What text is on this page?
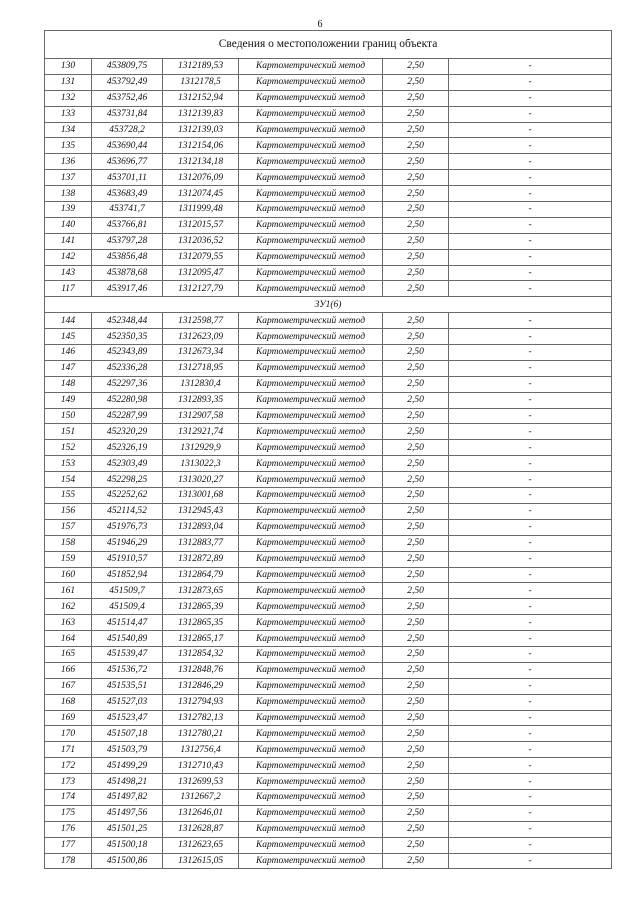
6
Сведения о местоположении границ объекта					
130	453809,75	1312189,53	Картометрический метод	2,50	-
131	453792,49	1312178,5	Картометрический метод	2,50	-
132	453752,46	1312152,94	Картометрический метод	2,50	-
133	453731,84	1312139,83	Картометрический метод	2,50	-
134	453728,2	1312139,03	Картометрический метод	2,50	-
135	453690,44	1312154,06	Картометрический метод	2,50	-
136	453696,77	1312134,18	Картометрический метод	2,50	-
137	453701,11	1312076,09	Картометрический метод	2,50	-
138	453683,49	1312074,45	Картометрический метод	2,50	-
139	453741,7	1311999,48	Картометрический метод	2,50	-
140	453766,81	1312015,57	Картометрический метод	2,50	-
141	453797,28	1312036,52	Картометрический метод	2,50	-
142	453856,48	1312079,55	Картометрический метод	2,50	-
143	453878,68	1312095,47	Картометрический метод	2,50	-
117	453917,46	1312127,79	Картометрический метод	2,50	-
ЗУ1(6)					
144	452348,44	1312598,77	Картометрический метод	2,50	-
145	452350,35	1312623,09	Картометрический метод	2,50	-
146	452343,89	1312673,34	Картометрический метод	2,50	-
147	452336,28	1312718,95	Картометрический метод	2,50	-
148	452297,36	1312830,4	Картометрический метод	2,50	-
149	452280,98	1312893,35	Картометрический метод	2,50	-
150	452287,99	1312907,58	Картометрический метод	2,50	-
151	452320,29	1312921,74	Картометрический метод	2,50	-
152	452326,19	1312929,9	Картометрический метод	2,50	-
153	452303,49	1313022,3	Картометрический метод	2,50	-
154	452298,25	1313020,27	Картометрический метод	2,50	-
155	452252,62	1313001,68	Картометрический метод	2,50	-
156	452114,52	1312945,43	Картометрический метод	2,50	-
157	451976,73	1312893,04	Картометрический метод	2,50	-
158	451946,29	1312883,77	Картометрический метод	2,50	-
159	451910,57	1312872,89	Картометрический метод	2,50	-
160	451852,94	1312864,79	Картометрический метод	2,50	-
161	451509,7	1312873,65	Картометрический метод	2,50	-
162	451509,4	1312865,39	Картометрический метод	2,50	-
163	451514,47	1312865,35	Картометрический метод	2,50	-
164	451540,89	1312865,17	Картометрический метод	2,50	-
165	451539,47	1312854,32	Картометрический метод	2,50	-
166	451536,72	1312848,76	Картометрический метод	2,50	-
167	451535,51	1312846,29	Картометрический метод	2,50	-
168	451527,03	1312794,93	Картометрический метод	2,50	-
169	451523,47	1312782,13	Картометрический метод	2,50	-
170	451507,18	1312780,21	Картометрический метод	2,50	-
171	451503,79	1312756,4	Картометрический метод	2,50	-
172	451499,29	1312710,43	Картометрический метод	2,50	-
173	451498,21	1312699,53	Картометрический метод	2,50	-
174	451497,82	1312667,2	Картометрический метод	2,50	-
175	451497,56	1312646,01	Картометрический метод	2,50	-
176	451501,25	1312628,87	Картометрический метод	2,50	-
177	451500,18	1312623,65	Картометрический метод	2,50	-
178	451500,86	1312615,05	Картометрический метод	2,50	-
